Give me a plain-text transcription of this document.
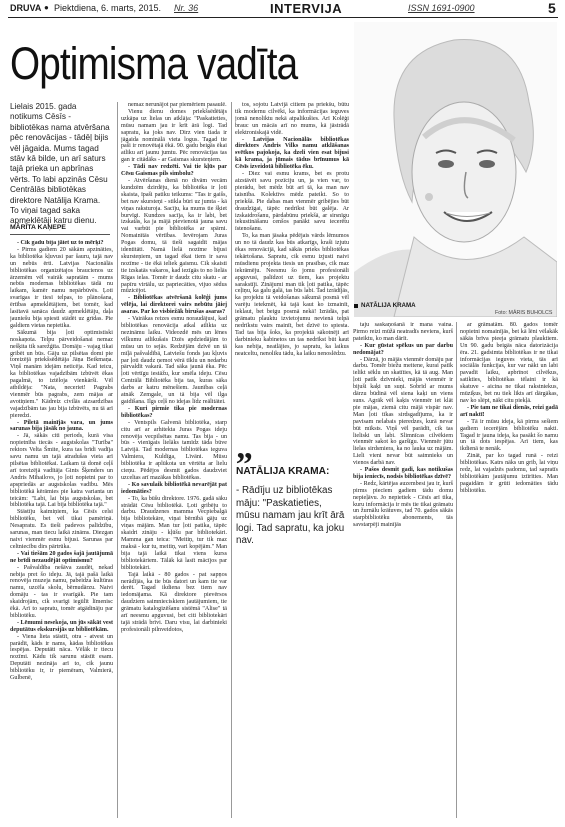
DRUVA ● Piektdiena, 6. marts, 2015. Nr. 36	INTERVIJA	ISSN 1691-0900	5
Optimisma vadīta
Lielais 2015. gada notikums Cēsīs - bibliotēkas nama atvēršana pēc renovācijas - tādēļ bijis vēl jāgaida. Mums tagad stāv kā bilde, un arī saturs tajā prieka un apbrīnas vērts. To labi apzinās Cēsu Centrālās bibliotēkas direktore Natālija Krama. To viņai tagad saka apmeklētāji katru dienu.
MĀRĪTA KAŅEPE

- Cik gadu bija jāiet uz to mērķi?

- Pirms gadiem 20 sākām apzināties, ka bibliotēka kļuvusi par šauru, tajā nav un nebūs ērti. Latvijas Nacionālās bibliotēkas organizētajos braucienos uz ārzemēm vēl vairāk sapratām - mums nebūs modernas bibliotēkas tādā nu laikam, kamēr namu nepārbūvēs. Ļoti svarīgas ir tiesī telpas, to plānošana, ērtības apmeklētājiem, bet tomēr, kad lasītavā sanāca daudz apmeklētāju, daļa jauniešu bija spiesti stādēt uz grīdas. Pie galdiem vietas nepietika.

Sākumā bija ļoti optimistiski noskaņota. Telpu pārveidošanai nemaz nešķita tik sarežģīta. Domāju - vajag tikai gribēt un būs. Gāju uz pilsētas domi pie toreizējā priekšsēdētāja Jāņa Beikmaņa. Viņš manām idejām neticēja. Kad teicu, ka bibliotēkas vajadzībām izbūvēt ēkas pagalmā, to iztēloja vienkārši. Vēl atbildēja: "Nata, neceriet! Pagrabs vienmēr būs pagrabs, zem mājas ar avotiņiem." Kādreiz civilās aizsardzības vajadzībām tas jau bija izbūvēts, nu tā arī pieredzi.

- Piletā mainījās vara, un jums sarunas bija jāsāk no jauna.

- Jā, sākās citi periods, kurā visa nopietnība tiecās - augstskolas "Turība" rektors Velta Šmite, kura tas brīdi vadīja savu namu un tajā atradušas vieta arī pilsētas bibliotēkai. Laikam tā domē ceļš arī toreizējā vadītāja Gints Šķenders un Andris Mihailovs, jo ļoti nopietni par to apspriedās ar augstskolas vadību. Mēs bibliotēkā kērāmies pie katra varianta un teicām: "Labi, lai bija augstskolas, bet bibliotēka tajā. Lai bija bibliotēka tajā."

Stāstīju kaimiņiem, ka Cēsīs celsi bibliotēku, bet vēl tikai pamēriņā. Nesapratu. Es tieši padevos palīdzību, sarunas, man tiecu laikā zināms. Diezgan naivi vienmēr esmu bijusi. Sarunas par celtniecību dirs pārtrūka.

- Vai tiešām 20 gados šajā jautājumā ne brīdi nezaudējāt optimismu?

- Pašvaldība nešāva zaudēt, nekad nebija pret šo ideju. Jā, tajā pašā laikā renovēja muzeja namu, pabeidza kultūras namu, uzcēla skolu, bērnudārzu. Naivi domāju - tas ir svarīgāk. Pie tam skaidrojām, cik svarīgi iegūlīt līmenisc ēkā. Arī to sapratu, tomēr atgādināju par bibliotēku.

- Lēmumi nesekoja, un jūs sākāt vest deputātus ekskursijās uz bibliotēkām.

- Viena lieta stāstīt, otra - atvest un parādīt, kāds ir nams, kādas bibliotēkas iespējas. Deputāti nāca. Vēlāk ir tiecu nozīmi. Kādu tik sarunu stāstīt esam. Deputāti nezināja arī to, cik jaunu bibliotēku ir, ir piemēram, Valmierā, Gulbenē,

nemaz nerunājot par piemēriem pasaulē.

Vienu dienu domes priekšsēdētājs uzkāpa uz lielas un atklāja: "Paskatieties, mūsu namam jau ir krīt ārā logi. Tad sapratu, ka joks nav. Dirz vien tiada ir jāgaida nominālā vieta logus. Tagad tie paši ir renovētajā ēkā. 90. gadu beigās ēkai atliku arī jaunu jumtu. Pēc renovācijas tas gan ir citādāks - ar Gaismas skursteņiem.

- Tādi nav redzēti. Vai tie kļūs par Cēsu Gaismas pils simbolu?

- Atvēršanas dienā no divām vecām kundzēm dzirdēju, ka bibliotēka ir ļoti skaista, īpaši patiku teikums: "Tas ir gaišs, bet nav skursteņi - stikla būri uz jumta - kā viņas raksturoja. Sacīju, ka mums tie šķiet burvīgi. Kundzes sacīja, ka ir labi, bet izskatās, ka ja mājā pievienotā jauna savu vai varbūt pie bibliotēka ar spārni. Nomainītās vērtības. Ievērojam Juras Pogas domu, tā tieši sagaidīt mājas identitāti. Namā lielā nozīme bijusi skursteņiem, un tagad ēkai tiem ir sava nozīme - tie ēkā ieliek gaismu. Cik skaisti tie izskatās vakaros, kad iezīgās to no lielās Rīgas ielas. Tomēr ir daudz citu skatu - ar papīru virtālu, uz papriecāties, vijuo sēdus mūzicējot.

- Bibliotēkas atvēršanā kolēģi jums vēlēja, lai direktorei vairs nebūtu jāiej asaras. Par ko visbiežāk birušas asaras?

- Vairākas reizes esmu noraudājusi, kad bibliotēkas renovācija atkal atlikta uz nezināmu laiku. Videozdē mēs un lēnes vilkumu atlikušais Dzēs apdziedājām to mūsu un to sejās. Redzējām dzīvē un tā mīļā pašvaldībā, Latviešu fonds jau kļuvis par ļoti daudz ņemot vērā tīklu un nedarbu pārvaldīt vakarā. Tad sāka jaunā ēka. Pēc ļoti vērtīgu iestāžu, kur smēla ideju. Cēsu Centrālā Bibliotēka bija tas, kuras sāka darbs ar katru mēnešiem. Jaunības ceļā atnāk Zemgale, un tā bija vēl ilga gaidīšana. Ilgs ceļš no idejas līdz reālitātei.

- Kuri pirmie tika pie modernas bibliotēkas?

- Ventspils Galvenā bibliotēka, starp citu arī ar arhitekta Juras Pogas ideju renovēja vecpilsētas namu. Tas bija - un būs - vienīgais lielāks tamīdz tāda būve Latvijā. Tad modernas bibliotēkas ieguva Valmiera, Kuldīga, Līvāni. Mūsu bibliotēka ir aplūkota un vērtēta ar lielu cieņu. Pēdējos desmit gados daudzviet uzceltas arī mazākas bibliotēkas.

- Ko savulaik bibliotēkā nevarējāt pat iedomāties?

- To, ka būšu direktore. 1976. gadā sāku strādāt Cēsu bibliotēkā. Ļoti gribēju to darbu. Draudzenes mamma Vecpiebalgā bija bibliotekāre, viņai bērnībā gāju uz viņas mājām. Man tur ļoti patika, tāpēc skaidri zināju - kļūšu par bibliotekāri. Mamma gan teica: "Meitiņ, tur tik maz maksā - kur tu, meitiņ, vari kopējām." Man bija tajā laikā tikai viens kurss bibliotekāriem. Tālāk kā lasīt mācījos par bibliotekāri.

Tajā laikā - 80 gados - pat sapņos nerādījās, ka tie būs datori un kam tie var derēt. Tagad ikdiena bez tiem nav iedomājama. Kā direktore pievērsos daudziem saimnieciskiem jautājumiem, tie grāmatu katalogizēšanu sistēmā "Alise" tā arī neesmu apguvusi, bet citi bibliotekāri tajā strādā brīvi. Daru visu, lai darbinieki profesionāli pilnveidotos,

tos, sojotu Latvijā citiem pa priekšu, būtu tik modernu cilvēki, ka informācijas ieguves jomā nenoliktu nekā atpalikušies. Arī Kolēģi brauc un mācās arī no mums, kā jāstrādā elektroniskajā vidē.

- Latvijas Nacionālās bibliotēkas direktors Andris Vilks namu atklāšanas svētkos pajokoja, ka dzeli vien esat bijusi kā krama, ja jūmais tādus brīnumus kā Cēsīs izveidotā bibliotēka ēku.

- Diez vai esmu krams, bet es protu aizstāvēt savu pozīciju un, ja vien var, to pierādu, bet mēdz būt arī tā, ka man nav taisnība. Kolektīvs mēdz pateikt. So to priekšā. Pie dabas man vienmēr gribējies būt draudzīgai, tāpēc nedrīkst būt galēja. Ar izskaidrošanu, pārdabūnu priekšā, ar sirsnīgu iekustināšanu cenšos panākt savu iecerētu īstenošanu.

To, ka man jāsaka pēdējais vārds lēmumos un no tā daudz kas būs atkarīgs, kraši izjutu ēkas renovācijā, kad sākās prieks bibliotēkas iekārtošana. Sapratu, cik esmu izjusti naivi mūsdienu projekta tiesis un prasības, cik maz iekrāmēju. Neesmu šo jomu profesionāli apguvusi, palīdzot uz tiem, kas projektu sarakstīji. Zinājumi man tik ļoti patika, tāpēc ceļiņu, ka galu galā, tas būs labi. Tad izrādījās, ka projektu tā veidošanas sākumā posmā vēl varēju ietekmēt, kā tajā kaut ko izmainīt, ieklaut, bet beigu posmā nekā! Izrādās, pat grāmatu plauktu izvietojumu nevienā telpā nedrīkstu vairs mainīt, bet dzīvē to spiesta. Tad tas bija šoks, ka projektā sākotnēji arī darbinieku kabinetos un tas nedrīkst būt kaut kas nebija, neatlājies, jo sapratu, ka laikus neatceltu, nenoliku tādu, ka laiku nenoslēdzu.

NATĀLIJA KRAMA
Foto: MĀRIS BUHOLCS
„
NATĀLIJA KRAMA:
- Rādīju uz bibliotēkas māju: "Paskatieties, mūsu namam jau krīt ārā logi. Tad sapratu, ka joku nav.

taju saskaņošanā ir mana vaina. Pirmo reizi mūžā neatradīs neviens, kurš pateiktu, ko man dārīt.

- Kur gūstat spēkus un par darbu nedomājat?

- Dārzā, jo mājās vienmēr domāju par darbu. Tomēr biežu meitene, kurai patīk ielikt sēklu un skatīties, kā tā aug. Man ļoti patīk dzīvnieki, mājās vienmēr ir bijuši kaķi un suņi. Sobrīd ar mums dārzu būdinā vēl siena kaķi un viens suns. Agrāk vēl kaķis vienmēr iet klāt pie mājas, ziemā citu mājā vispār nav. Man ļoti tīkas sirdsgadījums, ka ir pavisam nelabais pieredzes, kurā nevar būt mīksts. Viņš vēl parādīt, cik tas lieliski un labi. Slimnīcas cilvēkiem vienmēr sakot ko garšīgu. Vienmēr jūtu lielas sirdsmiera, ka no lauka uz mājām. Lieli vieni nevar būt saimnieks un vienos darbā nav.

- Pašos desmit gadi, kas notikušas bija ieniecīs, nodsis bibliotēkas dzīvē?

- Redz, kārtējas auzembesi jau ir, kurš pirms piecīem gadiem tādu domu nepieļāvu. Jo nepietiek - Cēsīs arī tika, kuru informācija ir mēs tie tikai grāmatu un žurnālu krātuves, tad 70. gados sākās starpbibliotēku abonements, tās savstarpēji mainījās

ar grāmatām. 80. gados tomēr nopietni nomainījās, bet kā lēni vēlakāk sākās brīva pieeja grāmatu plauktiem. Un 90. gadu beigās nāca datorizācija ēra. 21. gadsimta bibliotēkas ir ne tikai informācijas ieguves vieta, tās arī sociālās funkcijas, kur var nākt un labi pavadīt laiku, apbrīnot cilvēkus, satikties, bibliotēkas tēlaini ir kā skatuve - aicina ne tikai rakstniekus, mūziķus, bet nu tiek likts arī dārgākas, nav ko slēpt, nākt citu piekļā.

- Pie tam ne tikai dienās, reizi gadā arī naktī!

- Tā ir mūsu ideja, kā pirms sešiem gadiem iecerējām bibliotēku nakti. Tagad ir jauna ideja, ka pasākt šo namu un tā dots iespējas. Arī tiem, kas ikdienā te nenāk.

Zināt, par ko tagad runā - reizi bibliotēkas. Katrs nāks un grib, lai viņu redz, lai vajadzēs padomu, tad sapratīs bibliotēkām jautājumu iztīrīties. Man pagaidām ir grūti iedomāties tādu bibliotēku.
